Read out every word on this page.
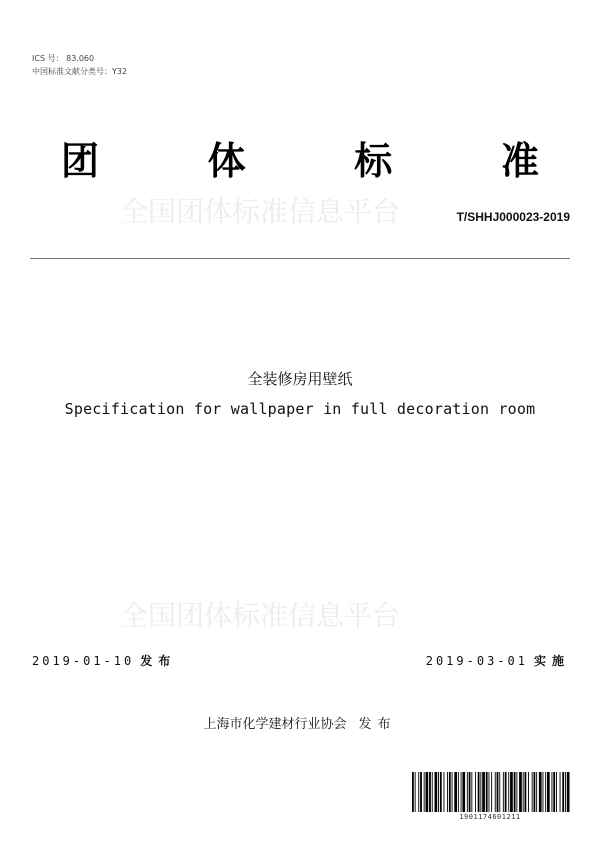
ICS 号： 83.060
中国标准文献分类号：Y32
团	体	标	准
全国团体标准信息平台	T/SHHJ000023-2019
全装修房用壁纸
Specification for wallpaper in full decoration room
全国团体标准信息平台
2019-01-10 发布	2019-03-01 实施
上海市化学建材行业协会 发布
1901174601211
